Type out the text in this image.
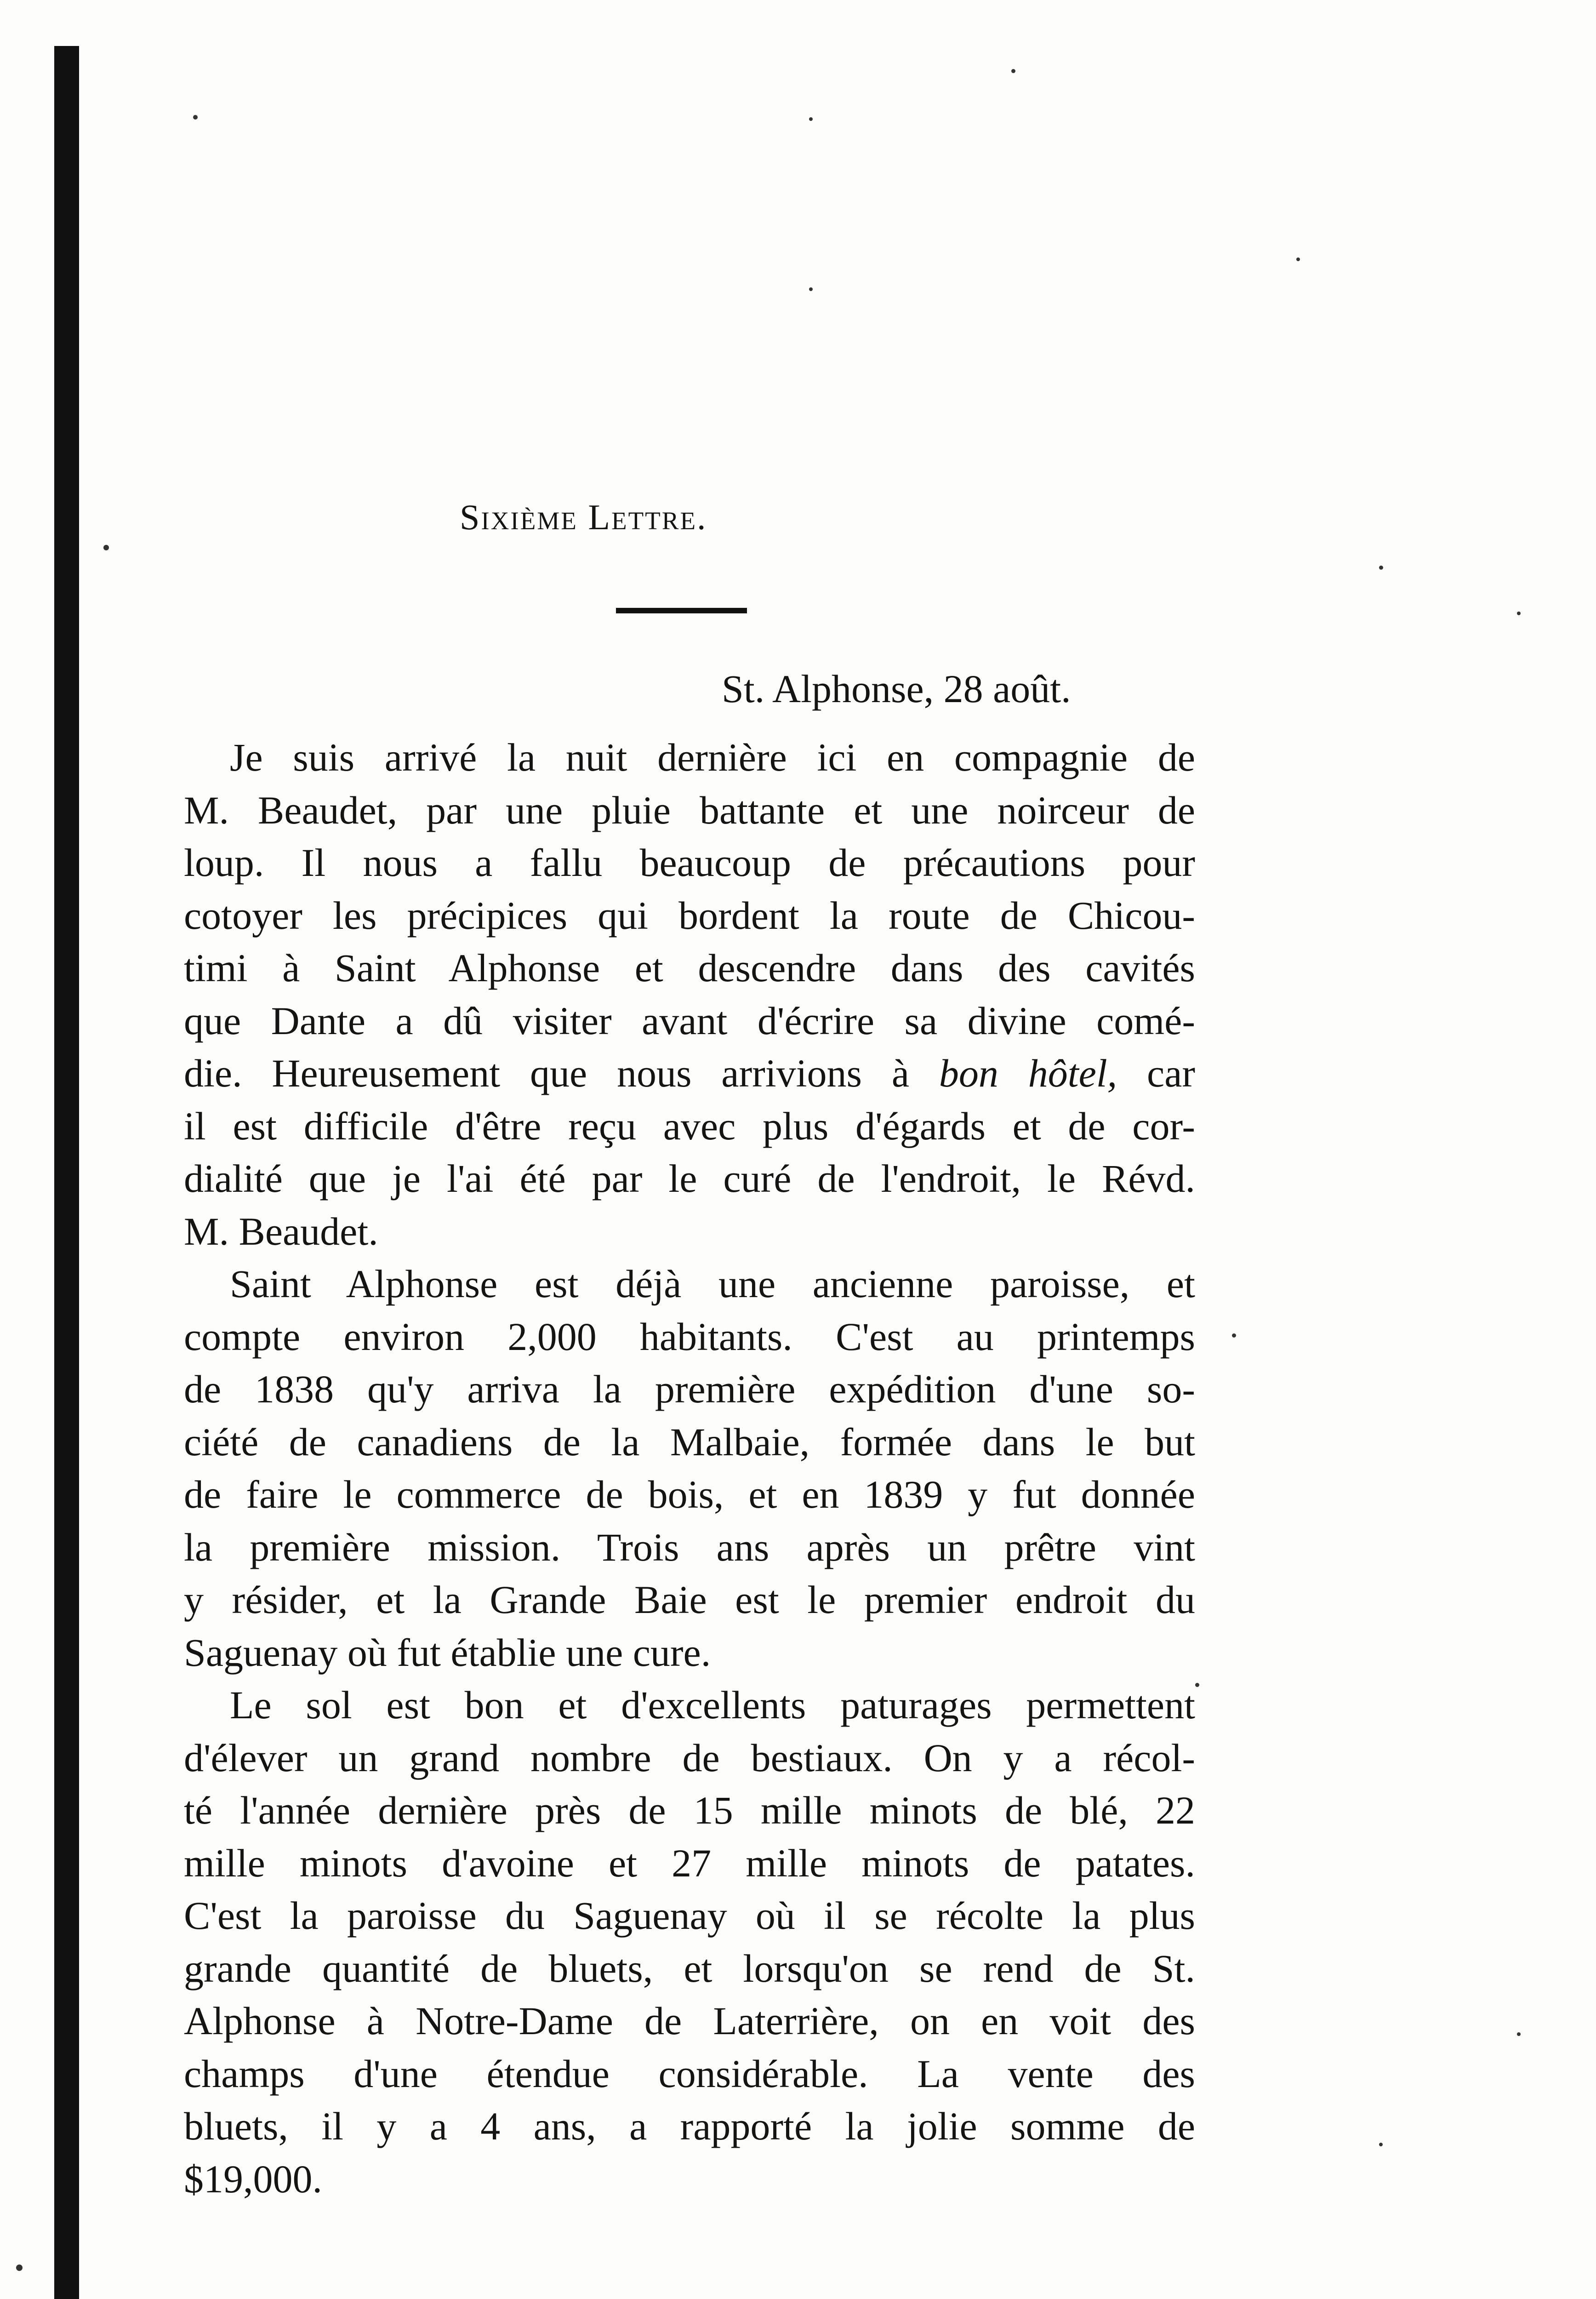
Sixième Lettre.
St. Alphonse, 28 août.
Je suis arrivé la nuit dernière ici en compagnie de
M. Beaudet, par une pluie battante et une noirceur de
loup. Il nous a fallu beaucoup de précautions pour
cotoyer les précipices qui bordent la route de Chicou-
timi à Saint Alphonse et descendre dans des cavités
que Dante a dû visiter avant d'écrire sa divine comé-
die. Heureusement que nous arrivions à bon hôtel, car
il est difficile d'être reçu avec plus d'égards et de cor-
dialité que je l'ai été par le curé de l'endroit, le Révd.
M. Beaudet.
Saint Alphonse est déjà une ancienne paroisse, et
compte environ 2,000 habitants. C'est au printemps
de 1838 qu'y arriva la première expédition d'une so-
ciété de canadiens de la Malbaie, formée dans le but
de faire le commerce de bois, et en 1839 y fut donnée
la première mission. Trois ans après un prêtre vint
y résider, et la Grande Baie est le premier endroit du
Saguenay où fut établie une cure.
Le sol est bon et d'excellents paturages permettent
d'élever un grand nombre de bestiaux. On y a récol-
té l'année dernière près de 15 mille minots de blé, 22
mille minots d'avoine et 27 mille minots de patates.
C'est la paroisse du Saguenay où il se récolte la plus
grande quantité de bluets, et lorsqu'on se rend de St.
Alphonse à Notre-Dame de Laterrière, on en voit des
champs d'une étendue considérable. La vente des
bluets, il y a 4 ans, a rapporté la jolie somme de
$19,000.
